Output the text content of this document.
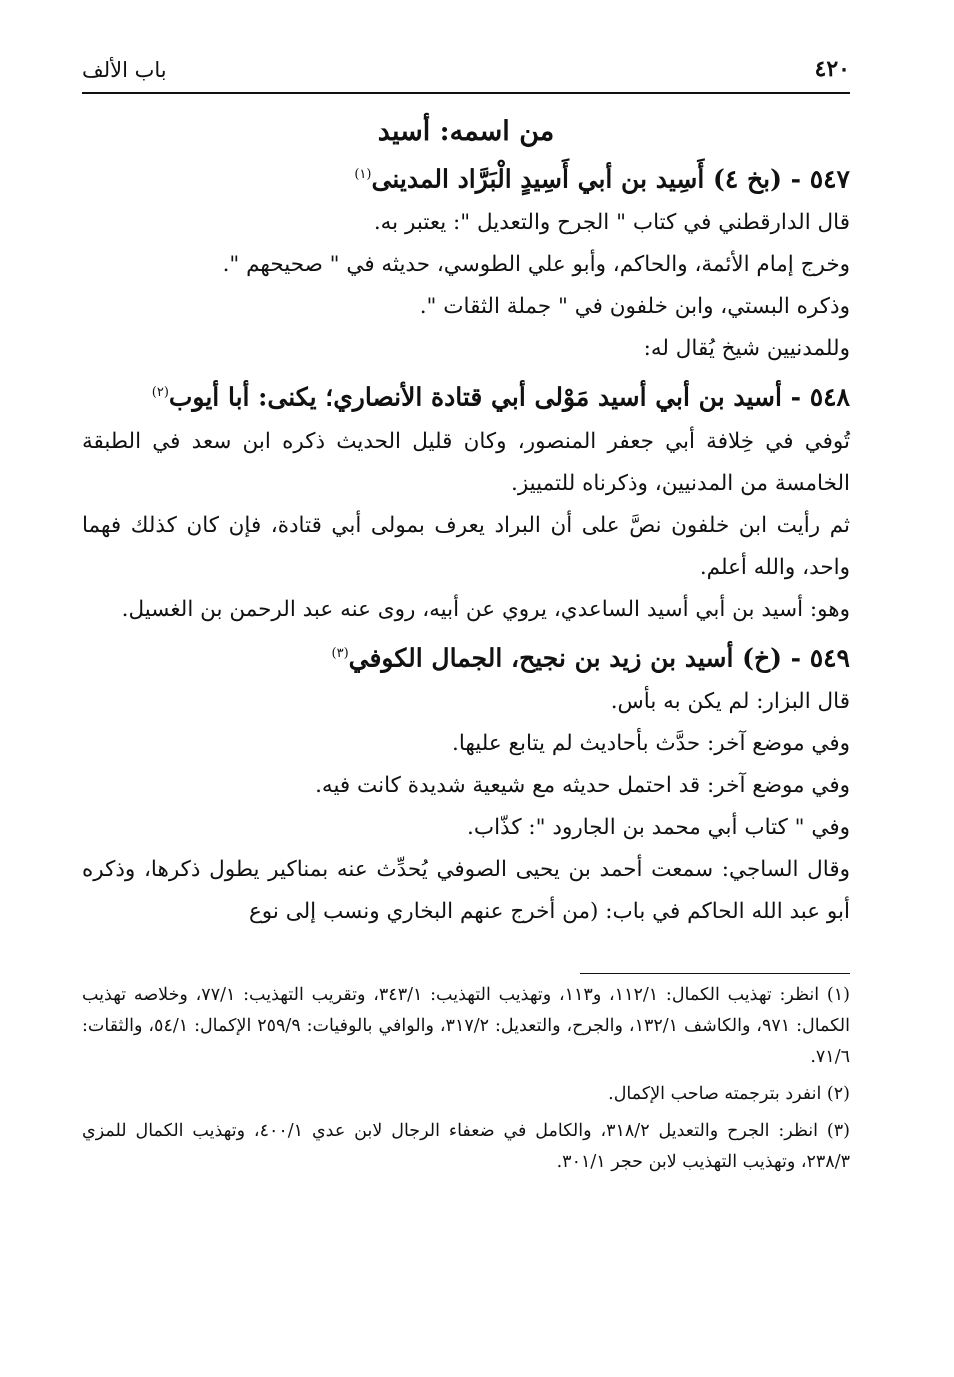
٤٢٠
باب الألف
من اسمه: أسيد
٥٤٧ - (بخ ٤) أَسِيد بن أبي أَسِيدٍ الْبَرَّاد المدينى$^{(١)}$
قال الدارقطني في كتاب " الجرح والتعديل ": يعتبر به.
وخرج إمام الأئمة، والحاكم، وأبو علي الطوسي، حديثه في " صحيحهم ".
وذكره البستي، وابن خلفون في " جملة الثقات ".
وللمدنيين شيخ يُقال له:
٥٤٨ - أسيد بن أبي أسيد مَوْلى أبي قتادة الأنصاري؛ يكنى: أبا أيوب$^{(٢)}$
تُوفي في خِلافة أبي جعفر المنصور، وكان قليل الحديث ذكره ابن سعد في الطبقة الخامسة من المدنيين، وذكرناه للتمييز.
ثم رأيت ابن خلفون نصَّ على أن البراد يعرف بمولى أبي قتادة، فإن كان كذلك فهما واحد، والله أعلم.
وهو: أسيد بن أبي أسيد الساعدي، يروي عن أبيه، روى عنه عبد الرحمن بن الغسيل.
٥٤٩ - (خ) أسيد بن زيد بن نجيح، الجمال الكوفي$^{(٣)}$
قال البزار: لم يكن به بأس.
وفي موضع آخر: حدَّث بأحاديث لم يتابع عليها.
وفي موضع آخر: قد احتمل حديثه مع شيعية شديدة كانت فيه.
وفي " كتاب أبي محمد بن الجارود ": كذّاب.
وقال الساجي: سمعت أحمد بن يحيى الصوفي يُحدِّث عنه بمناكير يطول ذكرها، وذكره أبو عبد الله الحاكم في باب: (من أخرج عنهم البخاري ونسب إلى نوع
(١) انظر: تهذيب الكمال: ١١٢/١، و١١٣، وتهذيب التهذيب: ٣٤٣/١، وتقريب التهذيب: ٧٧/١، وخلاصه تهذيب الكمال: ٩٧١، والكاشف ١٣٢/١، والجرح، والتعديل: ٣١٧/٢، والوافي بالوفيات: ٢٥٩/٩ الإكمال: ٥٤/١، والثقات: ٧١/٦.
(٢) انفرد بترجمته صاحب الإكمال.
(٣) انظر: الجرح والتعديل ٣١٨/٢، والكامل في ضعفاء الرجال لابن عدي ٤٠٠/١، وتهذيب الكمال للمزي ٢٣٨/٣، وتهذيب التهذيب لابن حجر ٣٠١/١.
